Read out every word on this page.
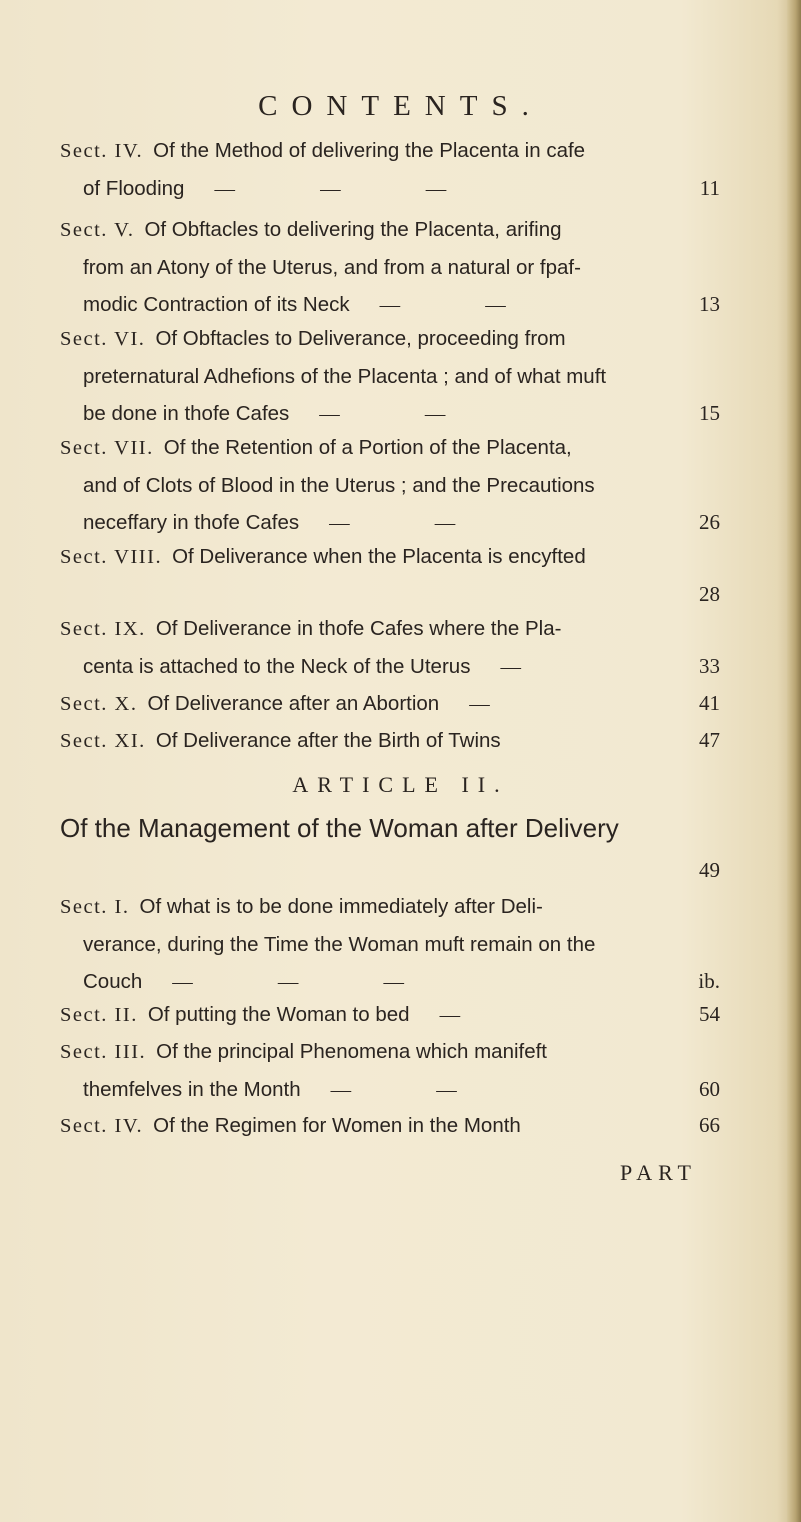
CONTENTS.
Sect. IV. Of the Method of delivering the Placenta in cafe
of Flooding — — —	11
Sect. V. Of Obftacles to delivering the Placenta, arifing
from an Atony of the Uterus, and from a natural or fpaf-
modic Contraction of its Neck — —	13
Sect. VI. Of Obftacles to Deliverance, proceeding from
preternatural Adhefions of the Placenta ; and of what muft
be done in thofe Cafes — —	15
Sect. VII. Of the Retention of a Portion of the Placenta,
and of Clots of Blood in the Uterus ; and the Precautions
neceffary in thofe Cafes — —	26
Sect. VIII. Of Deliverance when the Placenta is encyfted
28
Sect. IX. Of Deliverance in thofe Cafes where the Pla-
centa is attached to the Neck of the Uterus —	33
Sect. X. Of Deliverance after an Abortion —	41
Sect. XI. Of Deliverance after the Birth of Twins	47
ARTICLE II.
Of the Management of the Woman after Delivery
49
Sect. I. Of what is to be done immediately after Deli-
verance, during the Time the Woman muft remain on the
Couch — — —	ib.
Sect. II. Of putting the Woman to bed —	54
Sect. III. Of the principal Phenomena which manifeft
themfelves in the Month — —	60
Sect. IV. Of the Regimen for Women in the Month	66
PART
